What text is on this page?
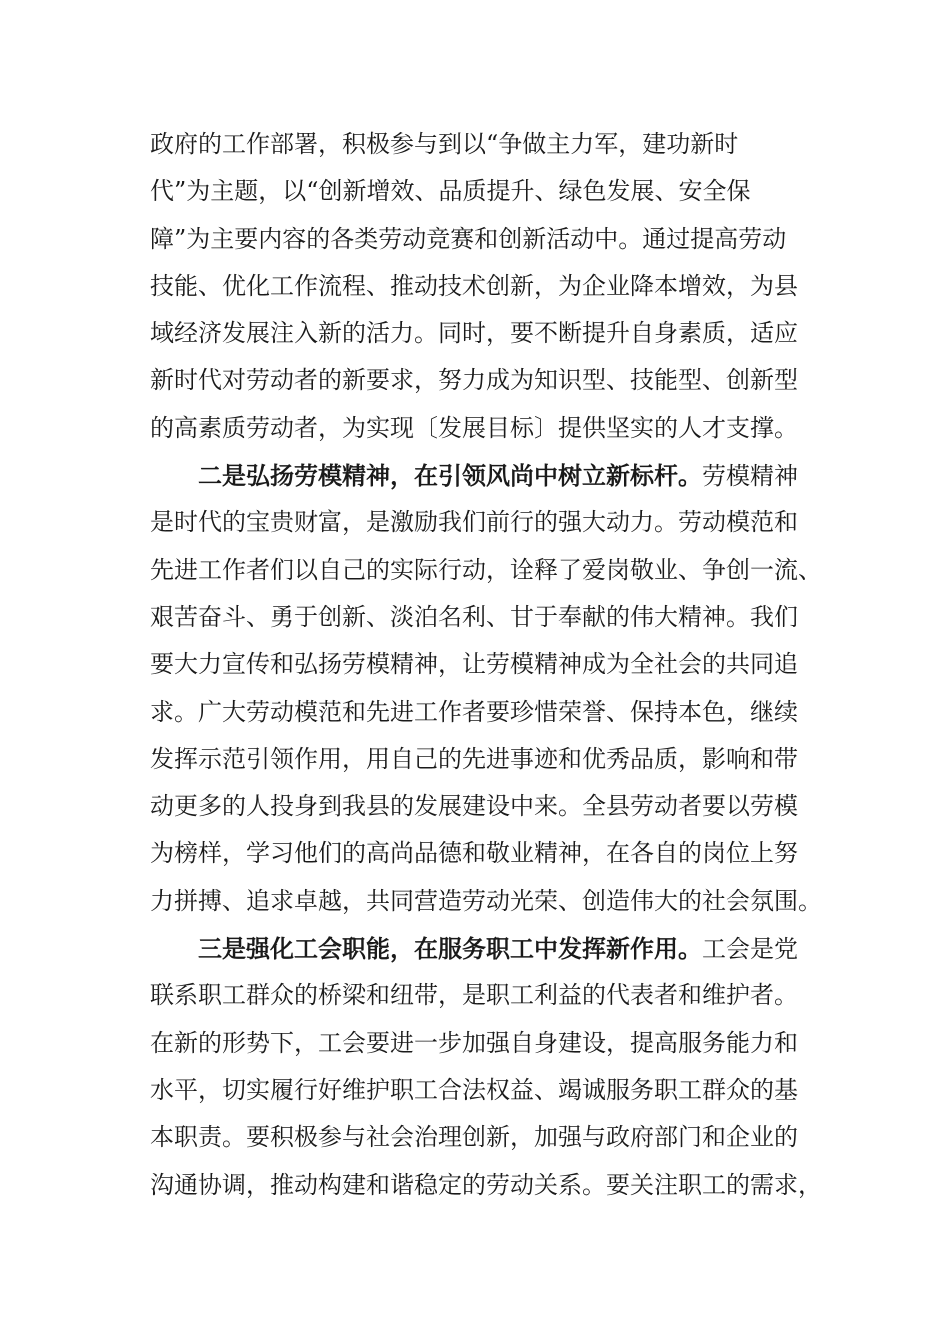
政府的工作部署，积极参与到以“争做主力军，建功新时
代”为主题，以“创新增效、品质提升、绿色发展、安全保
障”为主要内容的各类劳动竞赛和创新活动中。通过提高劳动
技能、优化工作流程、推动技术创新，为企业降本增效，为县
域经济发展注入新的活力。同时，要不断提升自身素质，适应
新时代对劳动者的新要求，努力成为知识型、技能型、创新型
的高素质劳动者，为实现〔发展目标〕提供坚实的人才支撑。
　　二是弘扬劳模精神，在引领风尚中树立新标杆。劳模精神
是时代的宝贵财富，是激励我们前行的强大动力。劳动模范和
先进工作者们以自己的实际行动，诠释了爱岗敬业、争创一流、
艰苦奋斗、勇于创新、淡泊名利、甘于奉献的伟大精神。我们
要大力宣传和弘扬劳模精神，让劳模精神成为全社会的共同追
求。广大劳动模范和先进工作者要珍惜荣誉、保持本色，继续
发挥示范引领作用，用自己的先进事迹和优秀品质，影响和带
动更多的人投身到我县的发展建设中来。全县劳动者要以劳模
为榜样，学习他们的高尚品德和敬业精神，在各自的岗位上努
力拼搏、追求卓越，共同营造劳动光荣、创造伟大的社会氛围。
　　三是强化工会职能，在服务职工中发挥新作用。工会是党
联系职工群众的桥梁和纽带，是职工利益的代表者和维护者。
在新的形势下，工会要进一步加强自身建设，提高服务能力和
水平，切实履行好维护职工合法权益、竭诚服务职工群众的基
本职责。要积极参与社会治理创新，加强与政府部门和企业的
沟通协调，推动构建和谐稳定的劳动关系。要关注职工的需求，
